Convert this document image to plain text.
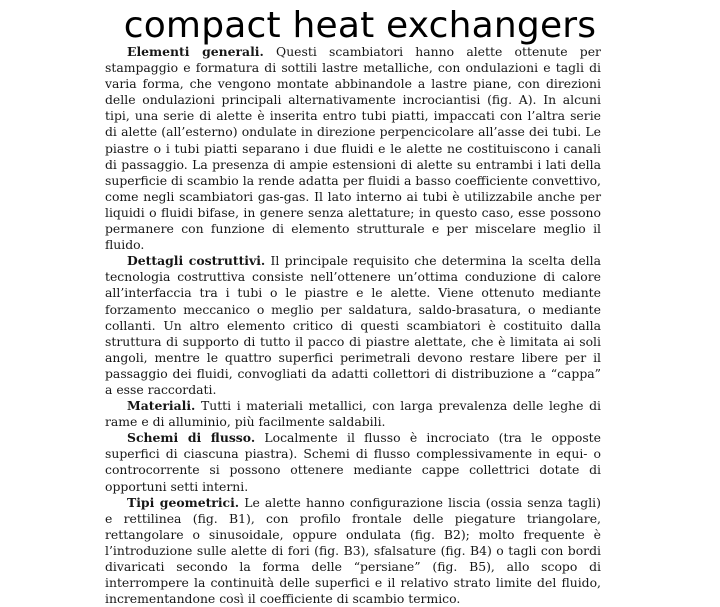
compact heat exchangers

Elementi generali. Questi scambiatori hanno alette ottenute per stampaggio e formatura di sottili lastre metalliche, con ondulazioni e tagli di varia forma, che vengono montate abbinandole a lastre piane, con direzioni delle ondulazioni principali alternativamente incrociantisi (fig. A). In alcuni tipi, una serie di alette è inserita entro tubi piatti, impaccati con l’altra serie di alette (all’esterno) ondulate in direzione perpencicolare all’asse dei tubi. Le piastre o i tubi piatti separano i due fluidi e le alette ne costituiscono i canali di passaggio. La presenza di ampie estensioni di alette su entrambi i lati della superficie di scambio la rende adatta per fluidi a basso coefficiente convettivo, come negli scambiatori gas-gas. Il lato interno ai tubi è utilizzabile anche per liquidi o fluidi bifase, in genere senza alettature; in questo caso, esse possono permanere con funzione di elemento strutturale e per miscelare meglio il fluido.

Dettagli costruttivi. Il principale requisito che determina la scelta della tecnologia costruttiva consiste nell’ottenere un’ottima conduzione di calore all’interfaccia tra i tubi o le piastre e le alette. Viene ottenuto mediante forzamento meccanico o meglio per saldatura, saldo-brasatura, o mediante collanti. Un altro elemento critico di questi scambiatori è costituito dalla struttura di supporto di tutto il pacco di piastre alettate, che è limitata ai soli angoli, mentre le quattro superfici perimetrali devono restare libere per il passaggio dei fluidi, convogliati da adatti collettori di distribuzione a “cappa” a esse raccordati.

Materiali. Tutti i materiali metallici, con larga prevalenza delle leghe di rame e di alluminio, più facilmente saldabili.

Schemi di flusso. Localmente il flusso è incrociato (tra le opposte superfici di ciascuna piastra). Schemi di flusso complessivamente in equi- o controcorrente si possono ottenere mediante cappe collettrici dotate di opportuni setti interni.

Tipi geometrici. Le alette hanno configurazione liscia (ossia senza tagli) e rettilinea (fig. B1), con profilo frontale delle piegature triangolare, rettangolare o sinusoidale, oppure ondulata (fig. B2); molto frequente è l’introduzione sulle alette di fori (fig. B3), sfalsature (fig. B4) o tagli con bordi divaricati secondo la forma delle “persiane” (fig. B5), allo scopo di interrompere la continuità delle superfici e il relativo strato limite del fluido, incrementandone così il coefficiente di scambio termico.
